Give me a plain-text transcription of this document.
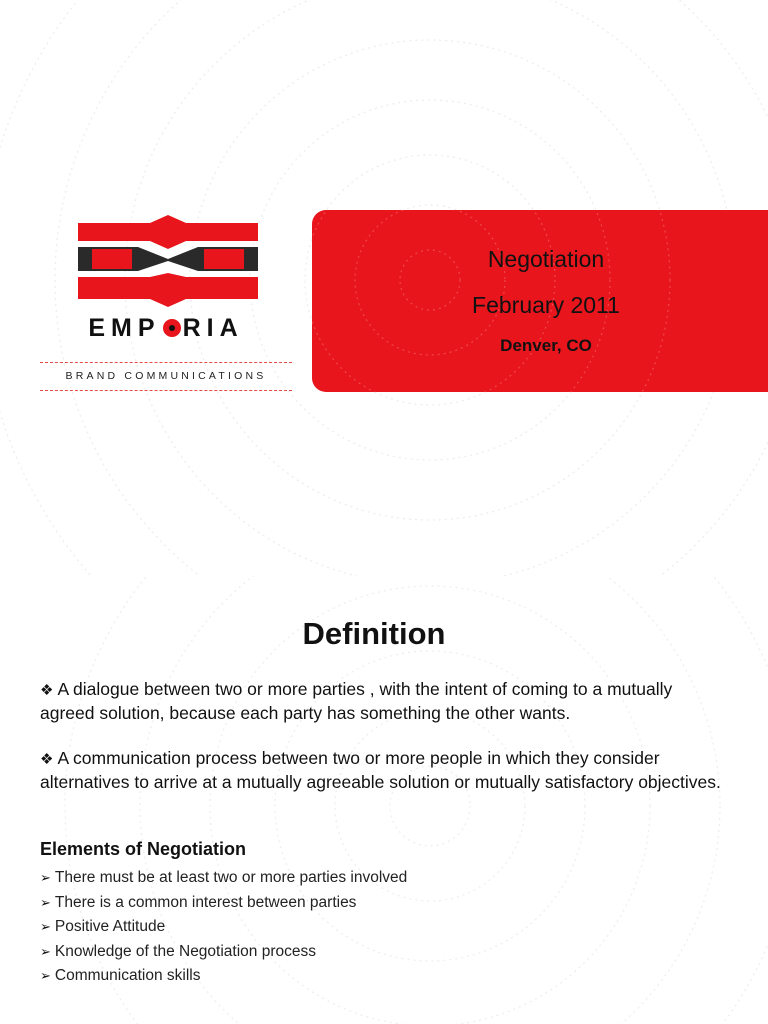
EMP RIA
BRAND COMMUNICATIONS
Negotiation
February 2011
Denver, CO
Definition
❖ A dialogue between two or more parties , with the intent of coming to a mutually agreed solution, because each party has something the other wants.
❖ A communication process between two or more people in which they consider alternatives to arrive at a mutually agreeable solution or mutually satisfactory objectives.
Elements of Negotiation
➢ There must be at least two or more parties involved
➢ There is a common interest between parties
➢ Positive Attitude
➢ Knowledge of the Negotiation process
➢ Communication skills
